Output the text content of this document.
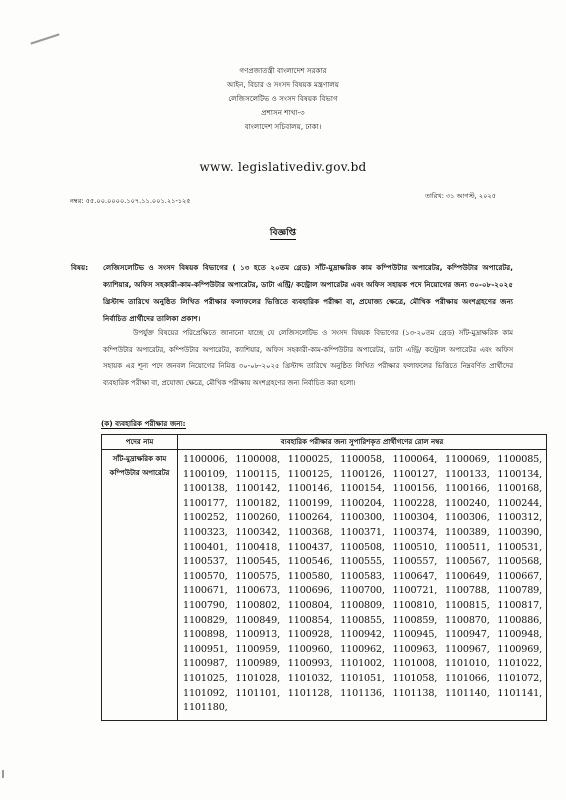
গণপ্রজাতন্ত্রী বাংলাদেশ সরকার
আইন, বিচার ও সংসদ বিষয়ক মন্ত্রণালয়
লেজিসলেটিভ ও সংসদ বিষয়ক বিভাগ
প্রশাসন শাখা-৩
বাংলাদেশ সচিবালয়, ঢাকা।
www. legislativediv.gov.bd
নম্বর: ৫৫.০০.০০০০.১০৭.১১.০০১.২১-১২৫
তারিখ: ৩১ আগস্ট, ২০২৫
বিজ্ঞপ্তি
বিষয়: লেজিসলেটিভ ও সংসদ বিষয়ক বিভাগের ( ১৩ হতে ২০তম গ্রেড) সাঁট-মুদ্রাক্ষরিক কাম কম্পিউটার অপারেটর, কম্পিউটার অপারেটর, ক্যাশিয়ার, অফিস সহকারী-কাম-কম্পিউটার অপারেটর, ডাটা এন্ট্রি/ কন্ট্রোল অপারেটর এবং অফিস সহায়ক পদে নিয়োগের জন্য ৩০-০৮-২০২৫ খ্রিস্টাব্দ তারিখে অনুষ্ঠিত লিখিত পরীক্ষার ফলাফলের ভিত্তিতে ব্যবহারিক পরীক্ষা বা, প্রযোজ্য ক্ষেত্রে, মৌখিক পরীক্ষায় অংশগ্রহণের জন্য নির্বাচিত প্রার্থীদের তালিকা প্রকাশ।
উপর্যুক্ত বিষয়ের পরিপ্রেক্ষিতে জানানো যাচ্ছে যে লেজিসলেটিভ ও সংসদ বিষয়ক বিভাগের (১৩-২০তম গ্রেড) সাঁট-মুদ্রাক্ষরিক কাম কম্পিউটার অপারেটর, কম্পিউটার অপারেটর, ক্যাশিয়ার, অফিস সহকারী-কাম-কম্পিউটার অপারেটর, ডাটা এন্ট্রি/ কন্ট্রোল অপারেটর এবং অফিস সহায়ক এর শূন্য পদে জনবল নিয়োগের নিমিত্ত ৩০-০৮-২০২৫ খ্রিস্টাব্দ তারিখে অনুষ্ঠিত লিখিত পরীক্ষার ফলাফলের ভিত্তিতে নিম্নবর্ণিত প্রার্থীদের ব্যবহারিক পরীক্ষা বা, প্রযোজ্য ক্ষেত্রে, মৌখিক পরীক্ষায় অংশগ্রহণের জন্য নির্বাচিত করা হলো।
(ক) ব্যবহারিক পরীক্ষার জন্য:
পদের নাম	ব্যবহারিক পরীক্ষার জন্য সুপারিশকৃত প্রার্থীগণের রোল নম্বর
সাঁট-মুদ্রাক্ষরিক কাম কম্পিউটার অপারেটর	1100006, 1100008, 1100025, 1100058, 1100064, 1100069, 1100085, 1100109, 1100115, 1100125, 1100126, 1100127, 1100133, 1100134, 1100138, 1100142, 1100146, 1100154, 1100156, 1100166, 1100168, 1100177, 1100182, 1100199, 1100204, 1100228, 1100240, 1100244, 1100252, 1100260, 1100264, 1100300, 1100304, 1100306, 1100312, 1100323, 1100342, 1100368, 1100371, 1100374, 1100389, 1100390, 1100401, 1100418, 1100437, 1100508, 1100510, 1100511, 1100531, 1100537, 1100545, 1100546, 1100555, 1100557, 1100567, 1100568, 1100570, 1100575, 1100580, 1100583, 1100647, 1100649, 1100667, 1100671, 1100673, 1100696, 1100700, 1100721, 1100788, 1100789, 1100790, 1100802, 1100804, 1100809, 1100810, 1100815, 1100817, 1100829, 1100849, 1100854, 1100855, 1100859, 1100870, 1100886, 1100898, 1100913, 1100928, 1100942, 1100945, 1100947, 1100948, 1100951, 1100959, 1100960, 1100962, 1100963, 1100967, 1100969, 1100987, 1100989, 1100993, 1101002, 1101008, 1101010, 1101022, 1101025, 1101028, 1101032, 1101051, 1101058, 1101066, 1101072, 1101092, 1101101, 1101128, 1101136, 1101138, 1101140, 1101141, 1101180,
